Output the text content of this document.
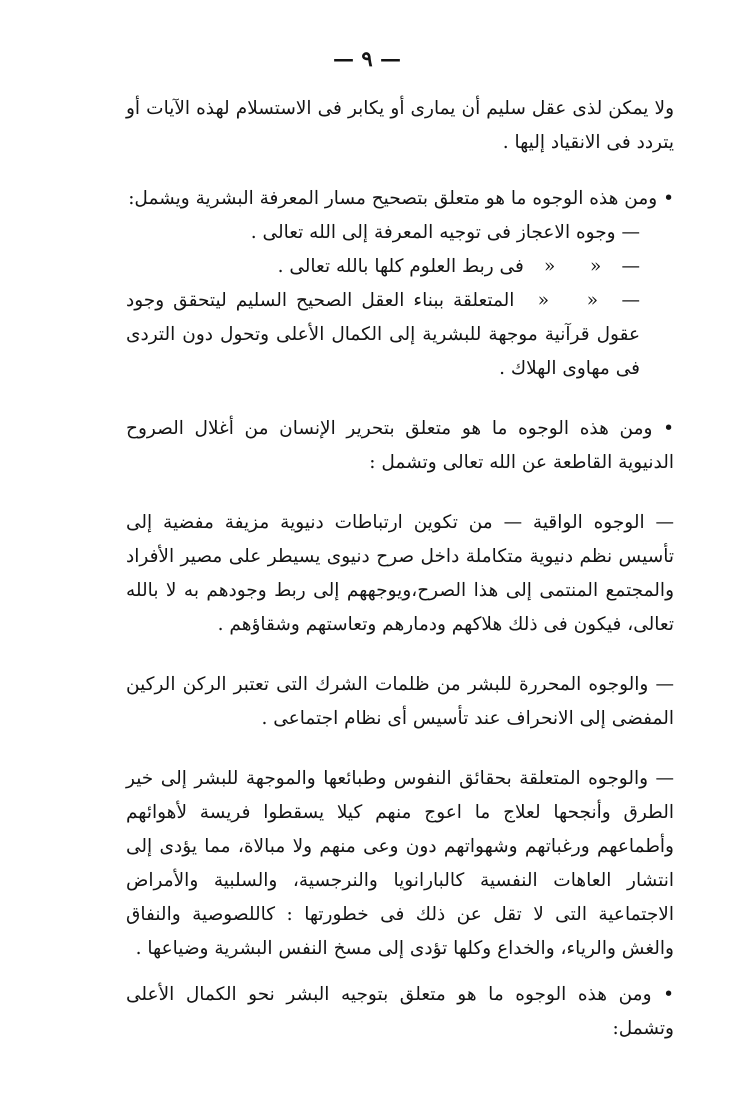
— ٩ —

ولا يمكن لذى عقل سليم أن يمارى أو يكابر فى الاستسلام لهذه الآيات أو يتردد فى الانقياد إليها .

• ومن هذه الوجوه ما هو متعلق بتصحيح مسار المعرفة البشرية ويشمل:

— وجوه الاعجاز فى توجيه المعرفة إلى الله تعالى .

— « « فى ربط العلوم كلها بالله تعالى .

— « « المتعلقة ببناء العقل الصحيح السليم ليتحقق وجود عقول قرآنية موجهة للبشرية إلى الكمال الأعلى وتحول دون التردى فى مهاوى الهلاك .

• ومن هذه الوجوه ما هو متعلق بتحرير الإنسان من أغلال الصروح الدنيوية القاطعة عن الله تعالى وتشمل :

— الوجوه الواقية — من تكوين ارتباطات دنيوية مزيفة مفضية إلى تأسيس نظم دنيوية متكاملة داخل صرح دنيوى يسيطر على مصير الأفراد والمجتمع المنتمى إلى هذا الصرح،ويوجههم إلى ربط وجودهم به لا بالله تعالى، فيكون فى ذلك هلاكهم ودمارهم وتعاستهم وشقاؤهم .

— والوجوه المحررة للبشر من ظلمات الشرك التى تعتبر الركن الركين المفضى إلى الانحراف عند تأسيس أى نظام اجتماعى .

— والوجوه المتعلقة بحقائق النفوس وطبائعها والموجهة للبشر إلى خير الطرق وأنجحها لعلاج ما اعوج منهم كيلا يسقطوا فريسة لأهوائهم وأطماعهم ورغباتهم وشهواتهم دون وعى منهم ولا مبالاة، مما يؤدى إلى انتشار العاهات النفسية كالبارانويا والنرجسية، والسلبية والأمراض الاجتماعية التى لا تقل عن ذلك فى خطورتها : كاللصوصية والنفاق والغش والرياء، والخداع وكلها تؤدى إلى مسخ النفس البشرية وضياعها .

• ومن هذه الوجوه ما هو متعلق بتوجيه البشر نحو الكمال الأعلى وتشمل:
